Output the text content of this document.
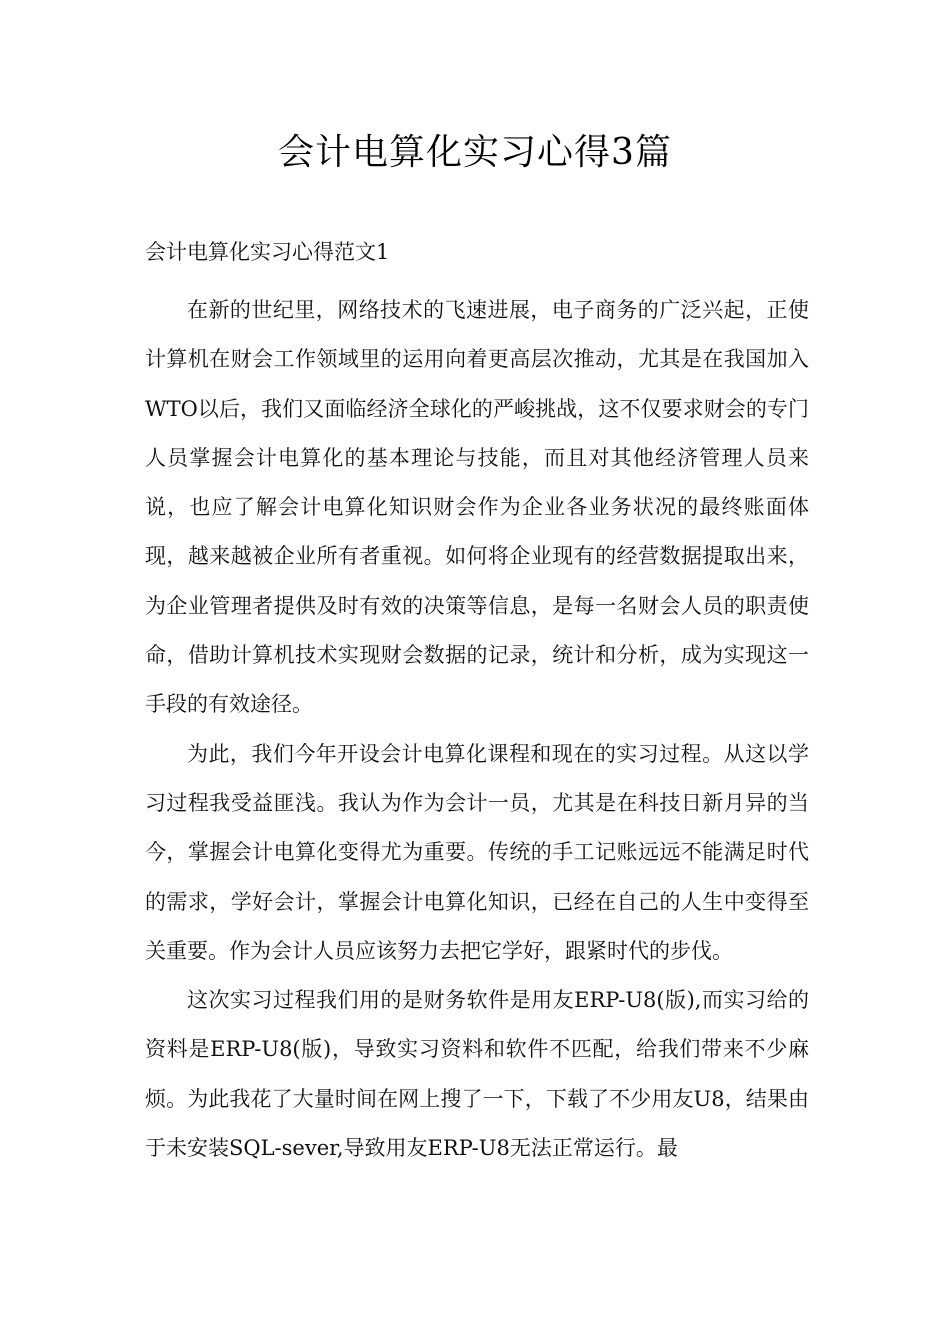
会计电算化实习心得3篇

会计电算化实习心得范文1

在新的世纪里，网络技术的飞速进展，电子商务的广泛兴起，正使计算机在财会工作领域里的运用向着更高层次推动，尤其是在我国加入WTO以后，我们又面临经济全球化的严峻挑战，这不仅要求财会的专门人员掌握会计电算化的基本理论与技能，而且对其他经济管理人员来说，也应了解会计电算化知识财会作为企业各业务状况的最终账面体现，越来越被企业所有者重视。如何将企业现有的经营数据提取出来，为企业管理者提供及时有效的决策等信息，是每一名财会人员的职责使命，借助计算机技术实现财会数据的记录，统计和分析，成为实现这一手段的有效途径。

为此，我们今年开设会计电算化课程和现在的实习过程。从这以学习过程我受益匪浅。我认为作为会计一员，尤其是在科技日新月异的当今，掌握会计电算化变得尤为重要。传统的手工记账远远不能满足时代的需求，学好会计，掌握会计电算化知识，已经在自己的人生中变得至关重要。作为会计人员应该努力去把它学好，跟紧时代的步伐。

这次实习过程我们用的是财务软件是用友ERP-U8(版),而实习给的资料是ERP-U8(版)，导致实习资料和软件不匹配，给我们带来不少麻烦。为此我花了大量时间在网上搜了一下，下载了不少用友U8，结果由于未安装SQL-sever,导致用友ERP-U8无法正常运行。最
